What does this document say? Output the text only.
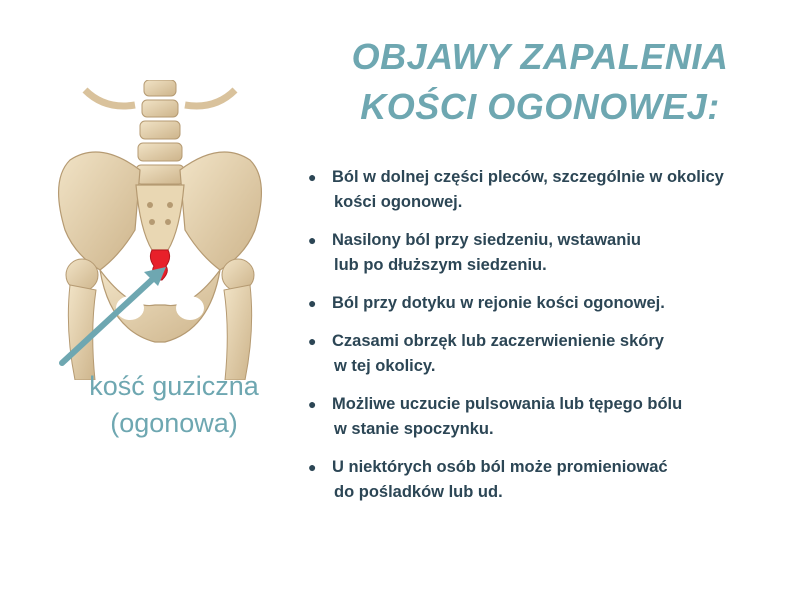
kość guziczna
(ogonowa)
OBJAWY ZAPALENIA
KOŚCI OGONOWEJ:
● Ból w dolnej części pleców, szczególnie w okolicy
kości ogonowej.
● Nasilony ból przy siedzeniu, wstawaniu
lub po dłuższym siedzeniu.
● Ból przy dotyku w rejonie kości ogonowej.
● Czasami obrzęk lub zaczerwienienie skóry
w tej okolicy.
● Możliwe uczucie pulsowania lub tępego bólu
w stanie spoczynku.
● U niektórych osób ból może promieniować
do pośladków lub ud.
